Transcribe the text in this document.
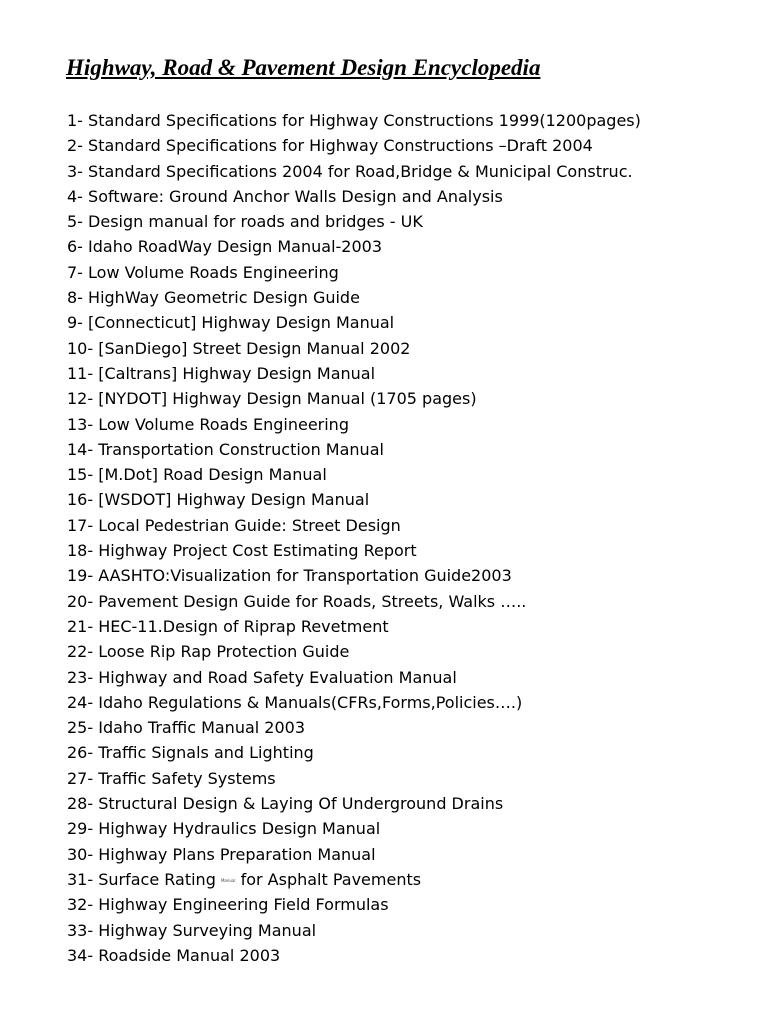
Highway, Road & Pavement Design Encyclopedia
1- Standard Specifications for Highway Constructions 1999(1200pages)
2- Standard Specifications for Highway Constructions –Draft 2004
3- Standard Specifications 2004 for Road,Bridge & Municipal Construc.
4- Software: Ground Anchor Walls Design and Analysis
5- Design manual for roads and bridges - UK
6- Idaho RoadWay Design Manual-2003
7- Low Volume Roads Engineering
8- HighWay Geometric Design Guide
9- [Connecticut] Highway Design Manual
10- [SanDiego] Street Design Manual 2002
11- [Caltrans] Highway Design Manual
12- [NYDOT] Highway Design Manual (1705 pages)
13- Low Volume Roads Engineering
14- Transportation Construction Manual
15- [M.Dot] Road Design Manual
16- [WSDOT] Highway Design Manual
17- Local Pedestrian Guide: Street Design
18- Highway Project Cost Estimating Report
19- AASHTO:Visualization for Transportation Guide2003
20- Pavement Design Guide for Roads, Streets, Walks …..
21- HEC-11.Design of Riprap Revetment
22- Loose Rip Rap Protection Guide
23- Highway and Road Safety Evaluation Manual
24- Idaho Regulations & Manuals(CFRs,Forms,Policies….)
25- Idaho Traffic Manual 2003
26- Traffic Signals and Lighting
27- Traffic Safety Systems
28- Structural Design & Laying Of Underground Drains
29- Highway Hydraulics Design Manual
30- Highway Plans Preparation Manual
31- Surface Rating Manual for Asphalt Pavements
32- Highway Engineering Field Formulas
33- Highway Surveying Manual
34- Roadside Manual 2003
